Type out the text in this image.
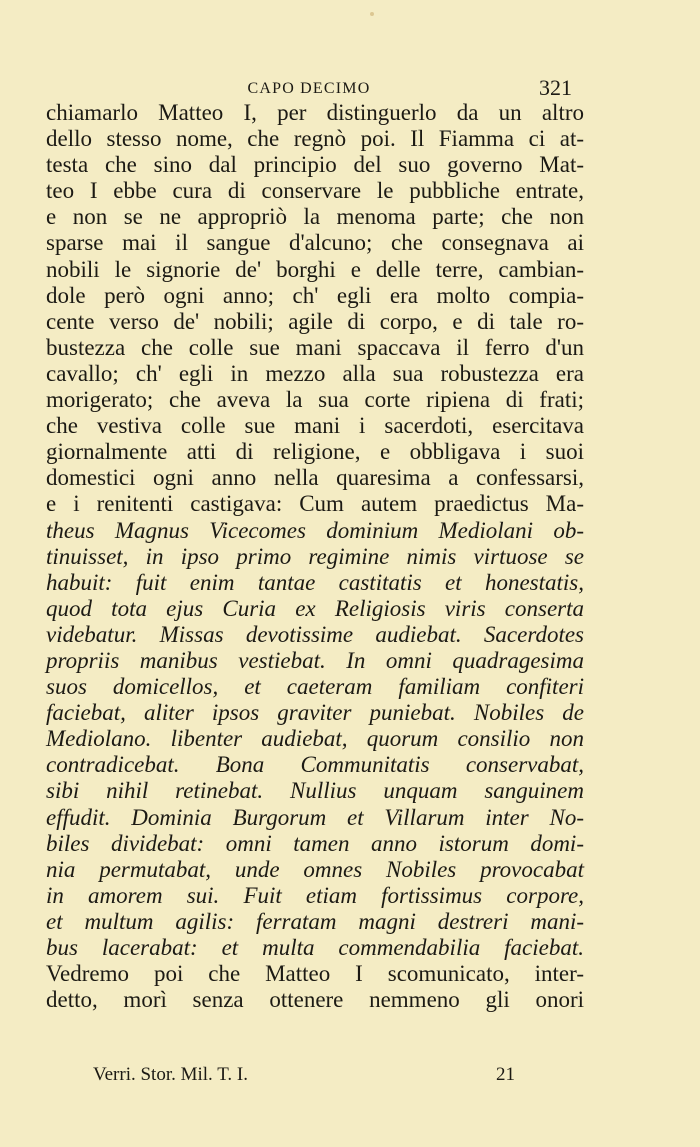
CAPO DECIMO	321
chiamarlo Matteo I, per distinguerlo da un altro
dello stesso nome, che regnò poi. Il Fiamma ci at-
testa che sino dal principio del suo governo Mat-
teo I ebbe cura di conservare le pubbliche entrate,
e non se ne appropriò la menoma parte; che non
sparse mai il sangue d'alcuno; che consegnava ai
nobili le signorie de' borghi e delle terre, cambian-
dole però ogni anno; ch' egli era molto compia-
cente verso de' nobili; agile di corpo, e di tale ro-
bustezza che colle sue mani spaccava il ferro d'un
cavallo; ch' egli in mezzo alla sua robustezza era
morigerato; che aveva la sua corte ripiena di frati;
che vestiva colle sue mani i sacerdoti, esercitava
giornalmente atti di religione, e obbligava i suoi
domestici ogni anno nella quaresima a confessarsi,
e i renitenti castigava: Cum autem praedictus Ma-
theus Magnus Vicecomes dominium Mediolani ob-
tinuisset, in ipso primo regimine nimis virtuose se
habuit: fuit enim tantae castitatis et honestatis,
quod tota ejus Curia ex Religiosis viris conserta
videbatur. Missas devotissime audiebat. Sacerdotes
propriis manibus vestiebat. In omni quadragesima
suos domicellos, et caeteram familiam confiteri
faciebat, aliter ipsos graviter puniebat. Nobiles de
Mediolano. libenter audiebat, quorum consilio non
contradicebat. Bona Communitatis conservabat,
sibi nihil retinebat. Nullius unquam sanguinem
effudit. Dominia Burgorum et Villarum inter No-
biles dividebat: omni tamen anno istorum domi-
nia permutabat, unde omnes Nobiles provocabat
in amorem sui. Fuit etiam fortissimus corpore,
et multum agilis: ferratam magni destreri mani-
bus lacerabat: et multa commendabilia faciebat.
Vedremo poi che Matteo I scomunicato, inter-
detto, morì senza ottenere nemmeno gli onori
Verri. Stor. Mil. T. I.	21
